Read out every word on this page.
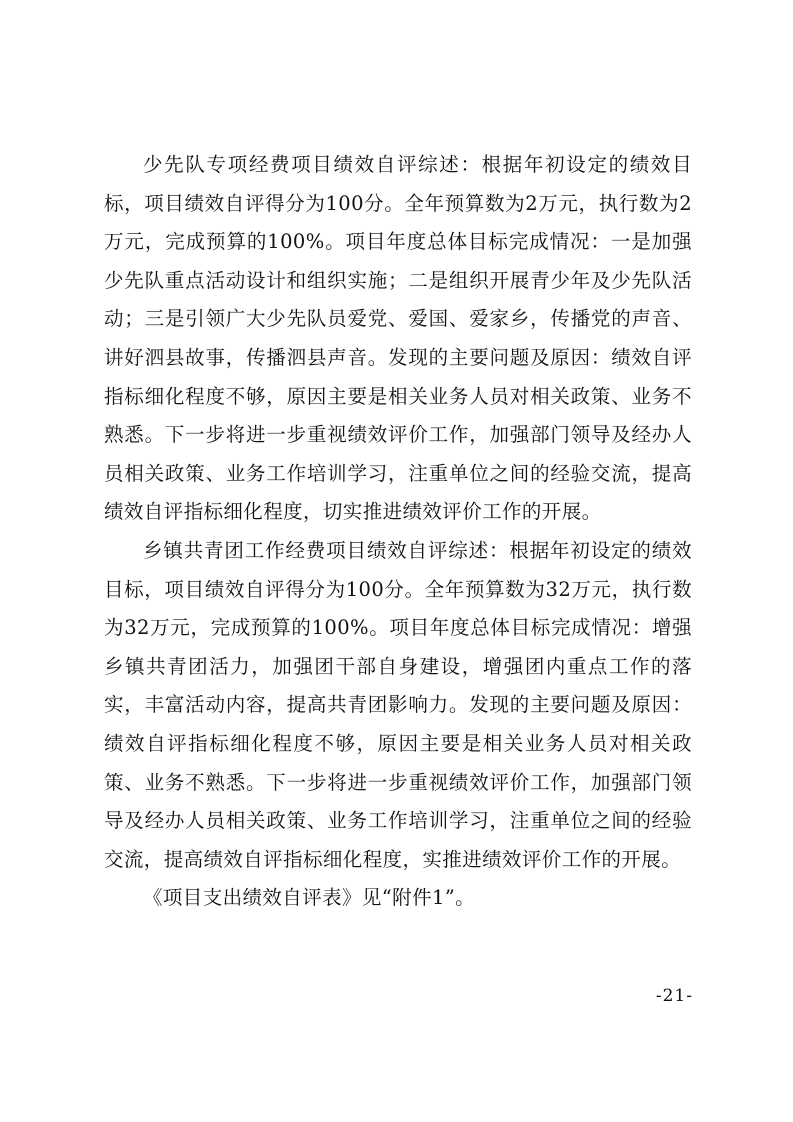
少先队专项经费项目绩效自评综述：根据年初设定的绩效目标，项目绩效自评得分为100分。全年预算数为2万元，执行数为2万元，完成预算的100%。项目年度总体目标完成情况：一是加强少先队重点活动设计和组织实施；二是组织开展青少年及少先队活动；三是引领广大少先队员爱党、爱国、爱家乡，传播党的声音、讲好泗县故事，传播泗县声音。发现的主要问题及原因：绩效自评指标细化程度不够，原因主要是相关业务人员对相关政策、业务不熟悉。下一步将进一步重视绩效评价工作，加强部门领导及经办人员相关政策、业务工作培训学习，注重单位之间的经验交流，提高绩效自评指标细化程度，切实推进绩效评价工作的开展。

乡镇共青团工作经费项目绩效自评综述：根据年初设定的绩效目标，项目绩效自评得分为100分。全年预算数为32万元，执行数为32万元，完成预算的100%。项目年度总体目标完成情况：增强乡镇共青团活力，加强团干部自身建设，增强团内重点工作的落实，丰富活动内容，提高共青团影响力。发现的主要问题及原因：绩效自评指标细化程度不够，原因主要是相关业务人员对相关政策、业务不熟悉。下一步将进一步重视绩效评价工作，加强部门领导及经办人员相关政策、业务工作培训学习，注重单位之间的经验交流，提高绩效自评指标细化程度，实推进绩效评价工作的开展。

《项目支出绩效自评表》见“附件1”。

-21-
